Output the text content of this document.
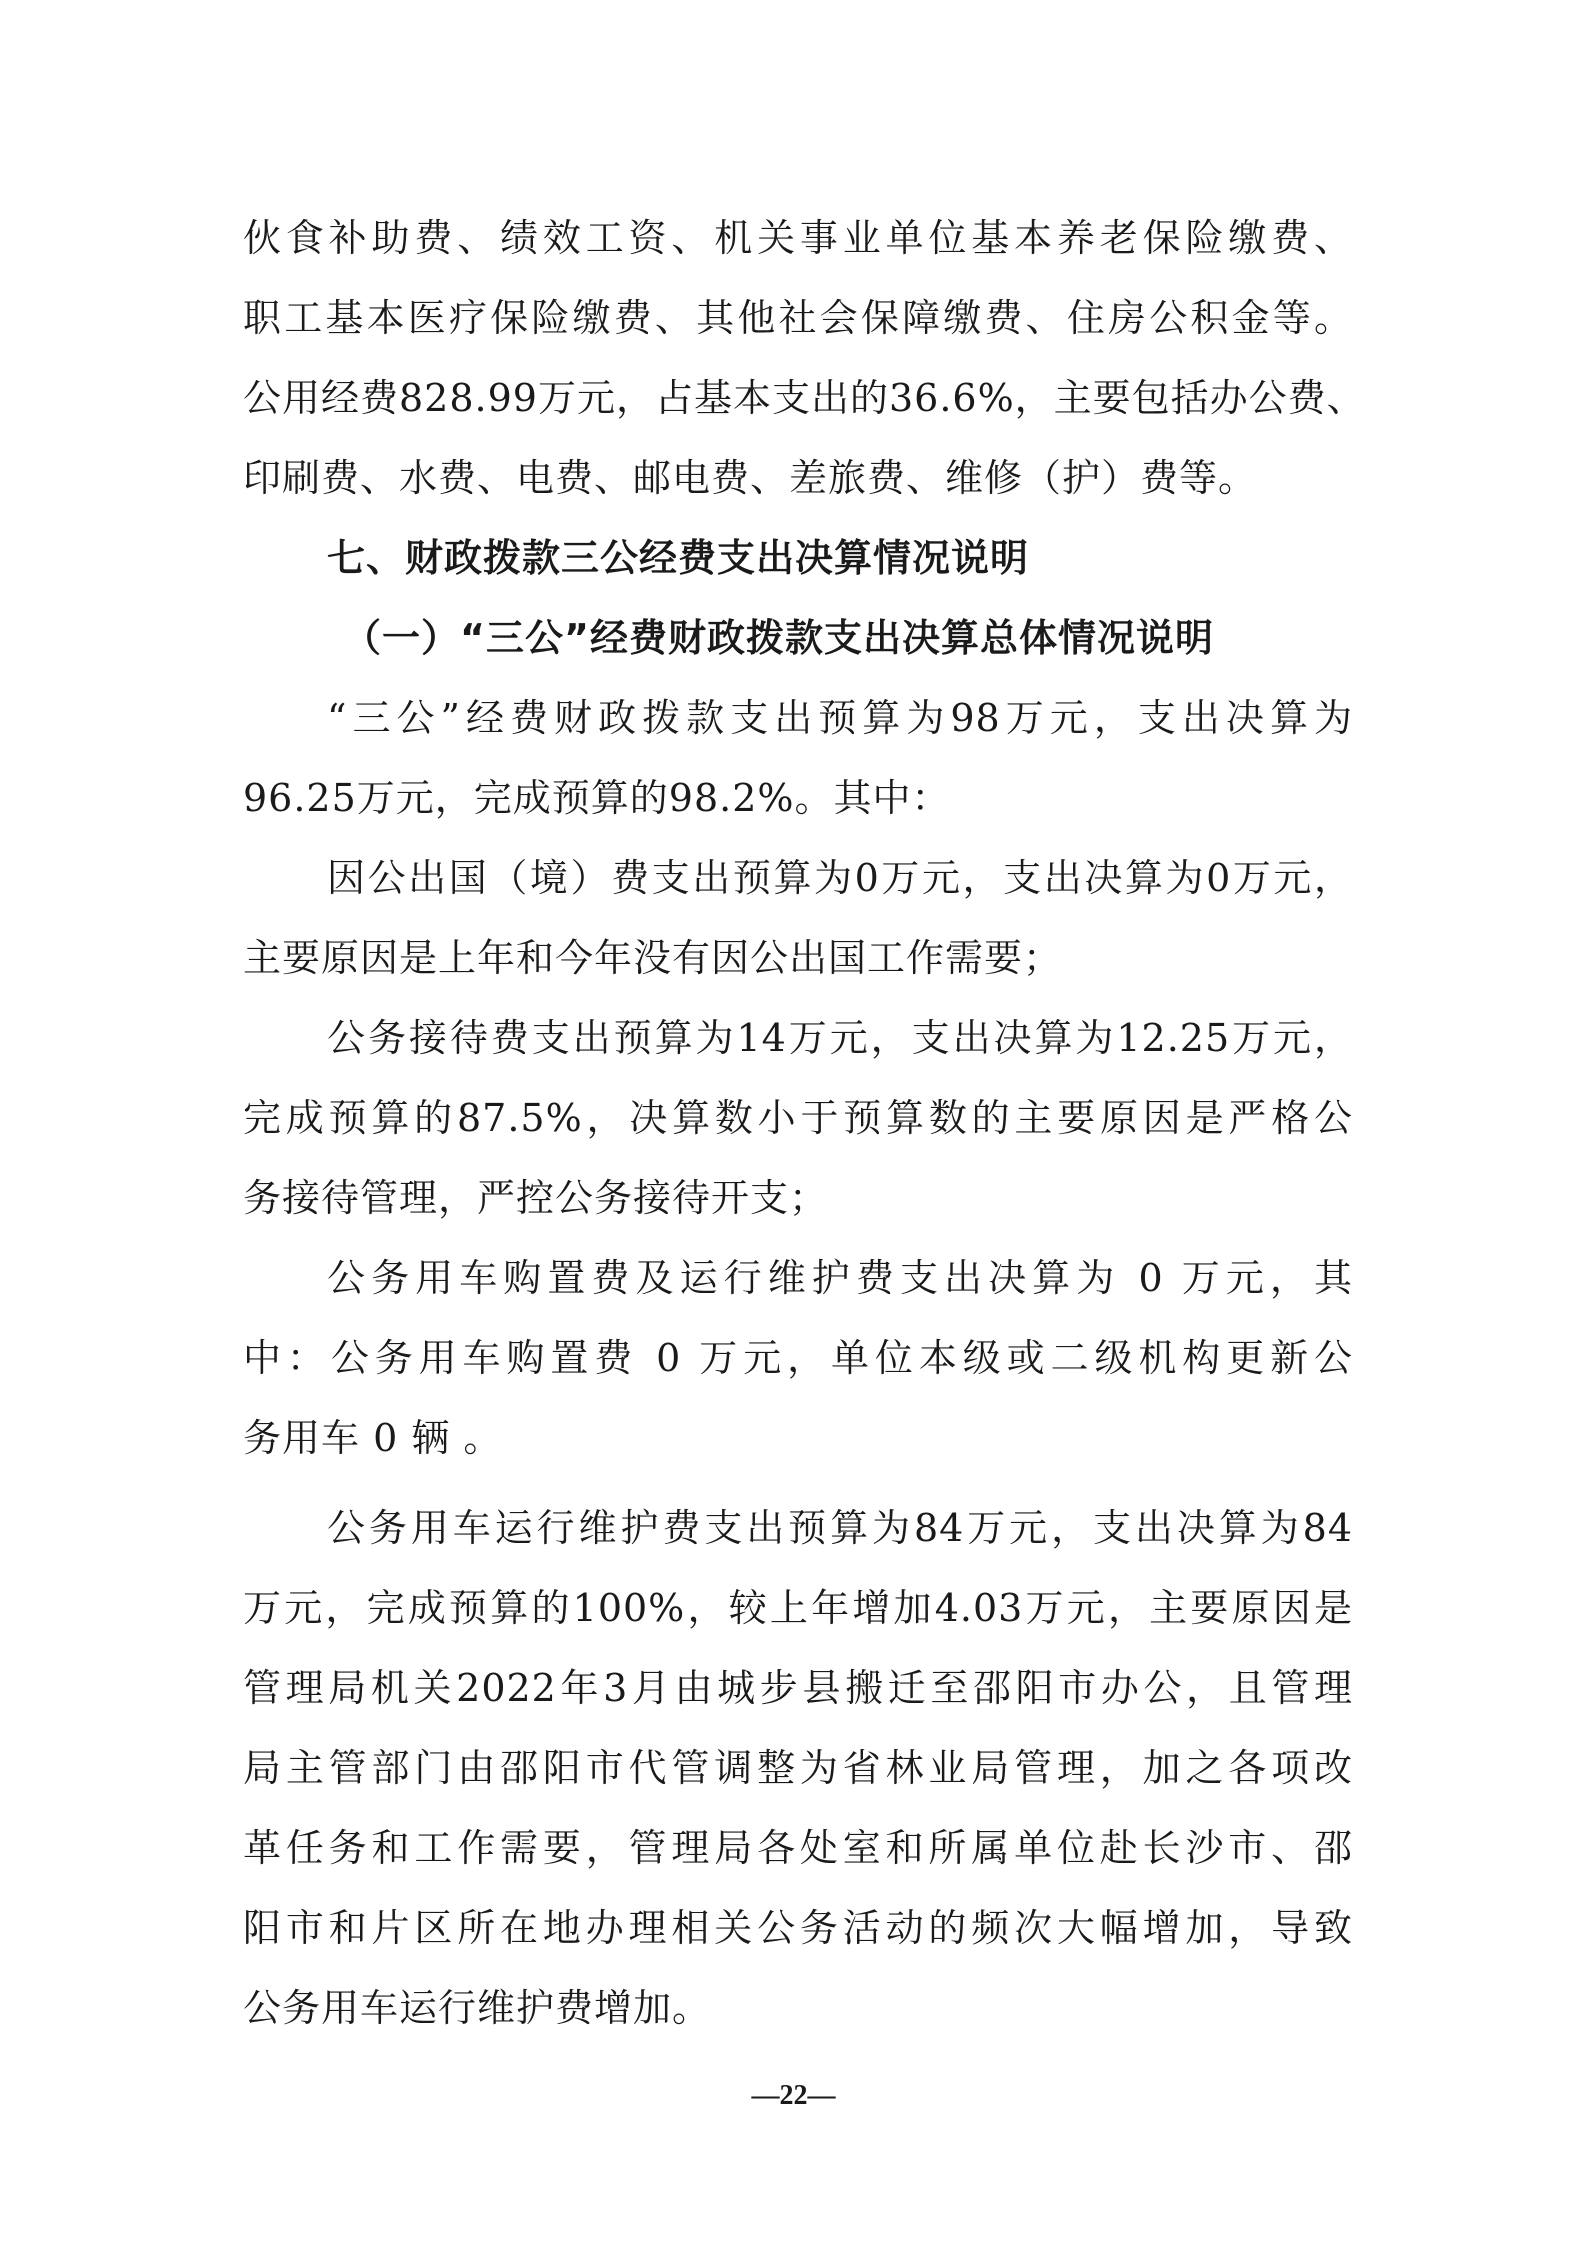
伙食补助费、绩效工资、机关事业单位基本养老保险缴费、
职工基本医疗保险缴费、其他社会保障缴费、住房公积金等。
公用经费828.99万元，占基本支出的36.6%，主要包括办公费、
印刷费、水费、电费、邮电费、差旅费、维修（护）费等。
七、财政拨款三公经费支出决算情况说明
（一）“三公”经费财政拨款支出决算总体情况说明
“三公”经费财政拨款支出预算为98万元，支出决算为
96.25万元，完成预算的98.2%。其中：
因公出国（境）费支出预算为0万元，支出决算为0万元，
主要原因是上年和今年没有因公出国工作需要；
公务接待费支出预算为14万元，支出决算为12.25万元，
完成预算的87.5%，决算数小于预算数的主要原因是严格公
务接待管理，严控公务接待开支；
公务用车购置费及运行维护费支出决算为 0 万元，其
中：公务用车购置费 0 万元，单位本级或二级机构更新公
务用车 0 辆 。
公务用车运行维护费支出预算为84万元，支出决算为84
万元，完成预算的100%，较上年增加4.03万元，主要原因是
管理局机关2022年3月由城步县搬迁至邵阳市办公，且管理
局主管部门由邵阳市代管调整为省林业局管理，加之各项改
革任务和工作需要，管理局各处室和所属单位赴长沙市、邵
阳市和片区所在地办理相关公务活动的频次大幅增加，导致
公务用车运行维护费增加。
—22—
